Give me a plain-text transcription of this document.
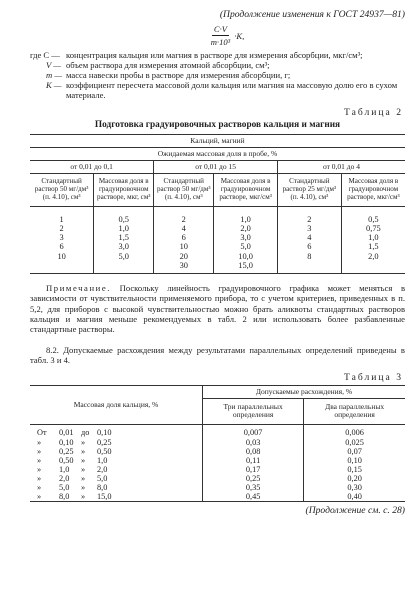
(Продолжение изменения к ГОСТ 24937—81)
$\frac{C\cdot V}{\text{m·10³}} \cdot K$,
где C — концентрация кальция или магния в растворе для измерения абсорбции, мкг/см³;
V — объем раствора для измерения атомной абсорбции, см³;
m — масса навески пробы в растворе для измерения абсорбции, г;
K — коэффициент пересчета массовой доли кальция или магния на массовую долю его в сухом материале.
Таблица 2
Подготовка градуировочных растворов кальция и магния
Кальций, магний					
Ожидаемая массовая доля в пробе, %					
от 0,01 до 0,1		от 0,01 до 15		от 0,01 до 4	
Стандартный раствор 50 мг/дм³ (п. 4.10), см³	Массовая доля в градуировочном растворе, мкг, см³	Стандартный раствор 50 мг/дм³ (п. 4.10), см³	Массовая доля в градуировочном растворе, мкг/см³	Стандартный раствор 25 мг/дм³ (п. 4.10), см³	Массовая доля в градуировочном растворе, мкг/см³
1	0,5	2	1,0	2	0,5
2	1,0	4	2,0	3	0,75
3	1,5	6	3,0	4	1,0
6	3,0	10	5,0	6	1,5
10	5,0	20	10,0	8	2,0
		30	15,0		

Примечание. Поскольку линейность градуировочного графика может меняться в зависимости от чувствительности применяемого прибора, то с учетом критериев, приведенных в п. 5,2, для приборов с высокой чувствительностью можно брать аликвоты стандартных растворов кальция и магния меньше рекомендуемых в табл. 2 или использовать более разбавленные стандартные растворы.

8.2. Допускаемые расхождения между результатами параллельных определений приведены в табл. 3 и 4.

Таблица 3
Массовая доля кальция, %	Допускаемые расхождения, %	
	Три параллельных определения	Два параллельных определения

От 0,01 до 0,10	0,007	0,006

» 0,10 » 0,25	0,03	0,025

» 0,25 » 0,50	0,08	0,07

» 0,50 » 1,0	0,11	0,10

» 1,0 » 2,0	0,17	0,15

» 2,0 » 5,0	0,25	0,20

» 5,0 » 8,0	0,35	0,30

» 8,0 » 15,0	0,45	0,40
(Продолжение см. с. 28)
